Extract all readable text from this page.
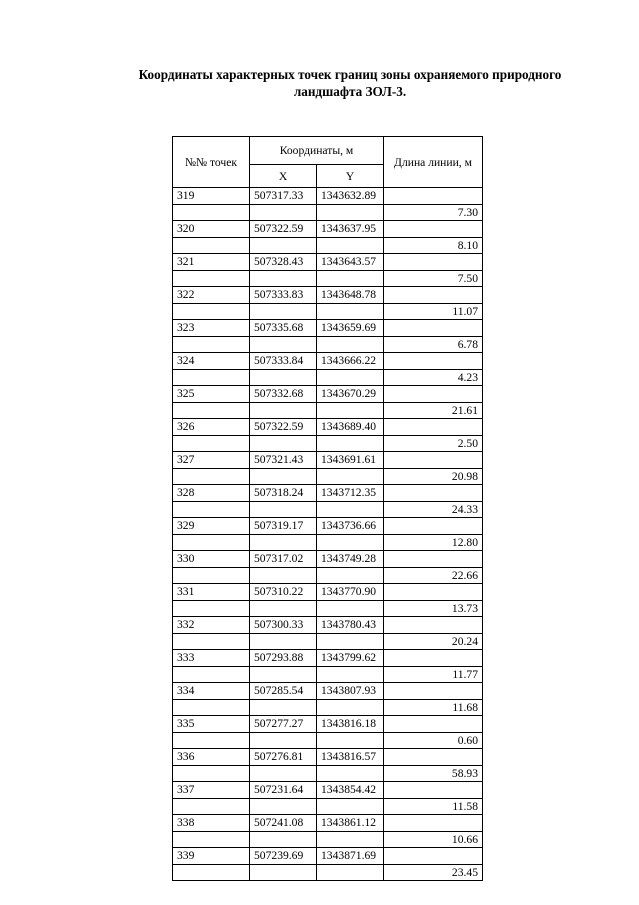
Координаты характерных точек границ зоны охраняемого природного
ландшафта ЗОЛ-3.
№№ точек	Координаты, м		Длина линии, м
	X	Y	
319	507317.33	1343632.89	
			7.30
320	507322.59	1343637.95	
			8.10
321	507328.43	1343643.57	
			7.50
322	507333.83	1343648.78	
			11.07
323	507335.68	1343659.69	
			6.78
324	507333.84	1343666.22	
			4.23
325	507332.68	1343670.29	
			21.61
326	507322.59	1343689.40	
			2.50
327	507321.43	1343691.61	
			20.98
328	507318.24	1343712.35	
			24.33
329	507319.17	1343736.66	
			12.80
330	507317.02	1343749.28	
			22.66
331	507310.22	1343770.90	
			13.73
332	507300.33	1343780.43	
			20.24
333	507293.88	1343799.62	
			11.77
334	507285.54	1343807.93	
			11.68
335	507277.27	1343816.18	
			0.60
336	507276.81	1343816.57	
			58.93
337	507231.64	1343854.42	
			11.58
338	507241.08	1343861.12	
			10.66
339	507239.69	1343871.69	
			23.45
